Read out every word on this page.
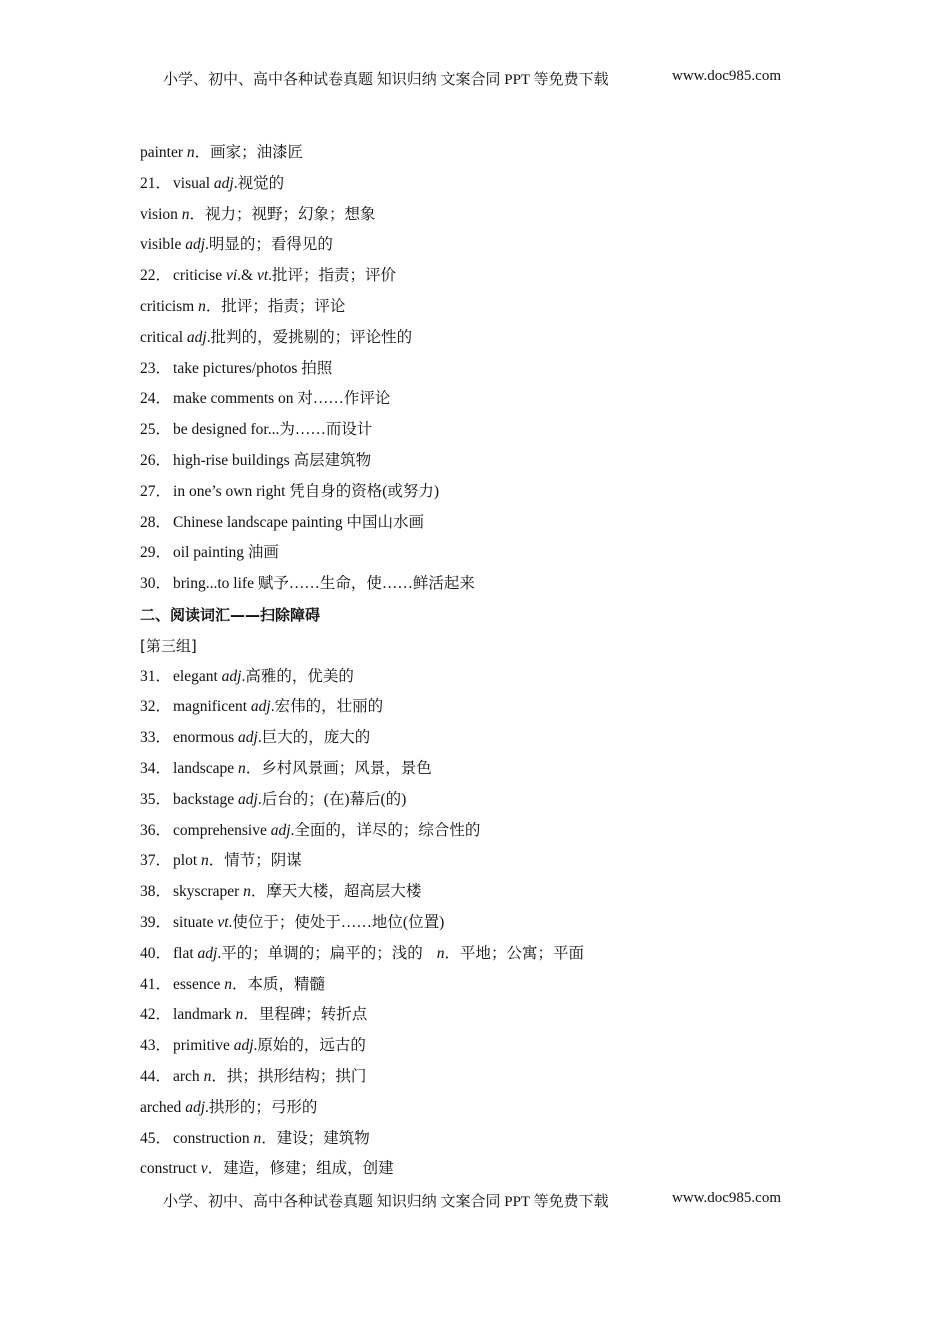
小学、初中、高中各种试卷真题 知识归纳 文案合同 PPT 等免费下载	www.doc985.com
painter n．画家；油漆匠
21． visual adj.视觉的
vision n．视力；视野；幻象；想象
visible adj.明显的；看得见的
22． criticise vi.& vt.批评；指责；评价
criticism n．批评；指责；评论
critical adj.批判的，爱挑剔的；评论性的
23． take pictures/photos 拍照
24． make comments on 对……作评论
25． be designed for...为……而设计
26． high-rise buildings 高层建筑物
27． in one’s own right 凭自身的资格(或努力)
28． Chinese landscape painting 中国山水画
29． oil painting 油画
30． bring...to life 赋予……生命，使……鲜活起来
二、阅读词汇——扫除障碍
[第三组]
31． elegant adj.高雅的，优美的
32． magnificent adj.宏伟的，壮丽的
33． enormous adj.巨大的，庞大的
34． landscape n．乡村风景画；风景，景色
35． backstage adj.后台的；(在)幕后(的)
36． comprehensive adj.全面的，详尽的；综合性的
37． plot n．情节；阴谋
38． skyscraper n．摩天大楼，超高层大楼
39． situate vt.使位于；使处于……地位(位置)
40． flat adj.平的；单调的；扁平的；浅的 n．平地；公寓；平面
41． essence n．本质，精髓
42． landmark n．里程碑；转折点
43． primitive adj.原始的，远古的
44． arch n．拱；拱形结构；拱门
arched adj.拱形的；弓形的
45． construction n．建设；建筑物
construct v．建造，修建；组成，创建
小学、初中、高中各种试卷真题 知识归纳 文案合同 PPT 等免费下载	www.doc985.com
